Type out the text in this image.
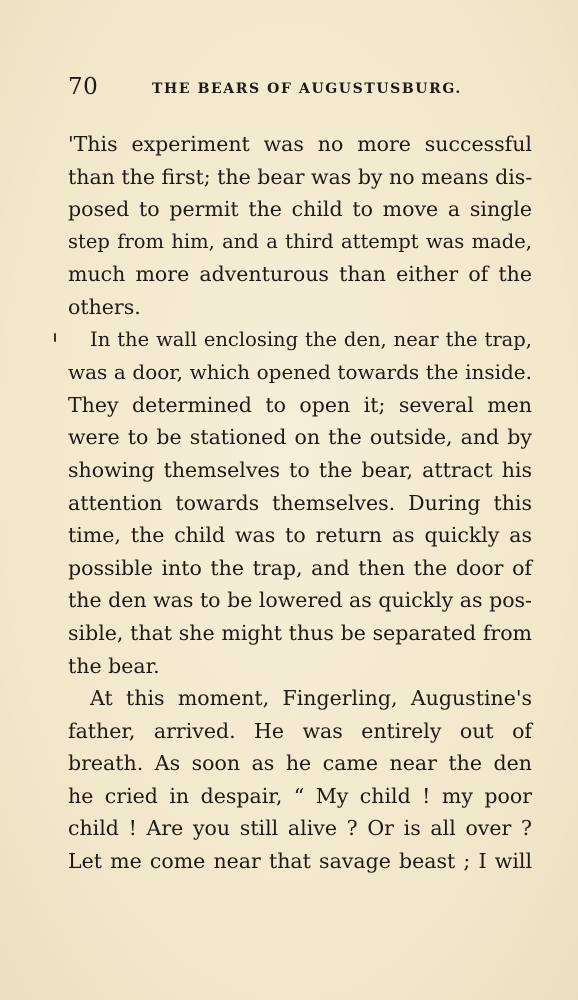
70	THE BEARS OF AUGUSTUSBURG.
'This experiment was no more successful
than the first; the bear was by no means dis-
posed to permit the child to move a single
step from him, and a third attempt was made,
much more adventurous than either of the
others.
In the wall enclosing the den, near the trap,
was a door, which opened towards the inside.
They determined to open it; several men
were to be stationed on the outside, and by
showing themselves to the bear, attract his
attention towards themselves. During this
time, the child was to return as quickly as
possible into the trap, and then the door of
the den was to be lowered as quickly as pos-
sible, that she might thus be separated from
the bear.
At this moment, Fingerling, Augustine's
father, arrived. He was entirely out of
breath. As soon as he came near the den
he cried in despair, “ My child ! my poor
child ! Are you still alive ? Or is all over ?
Let me come near that savage beast ; I will
